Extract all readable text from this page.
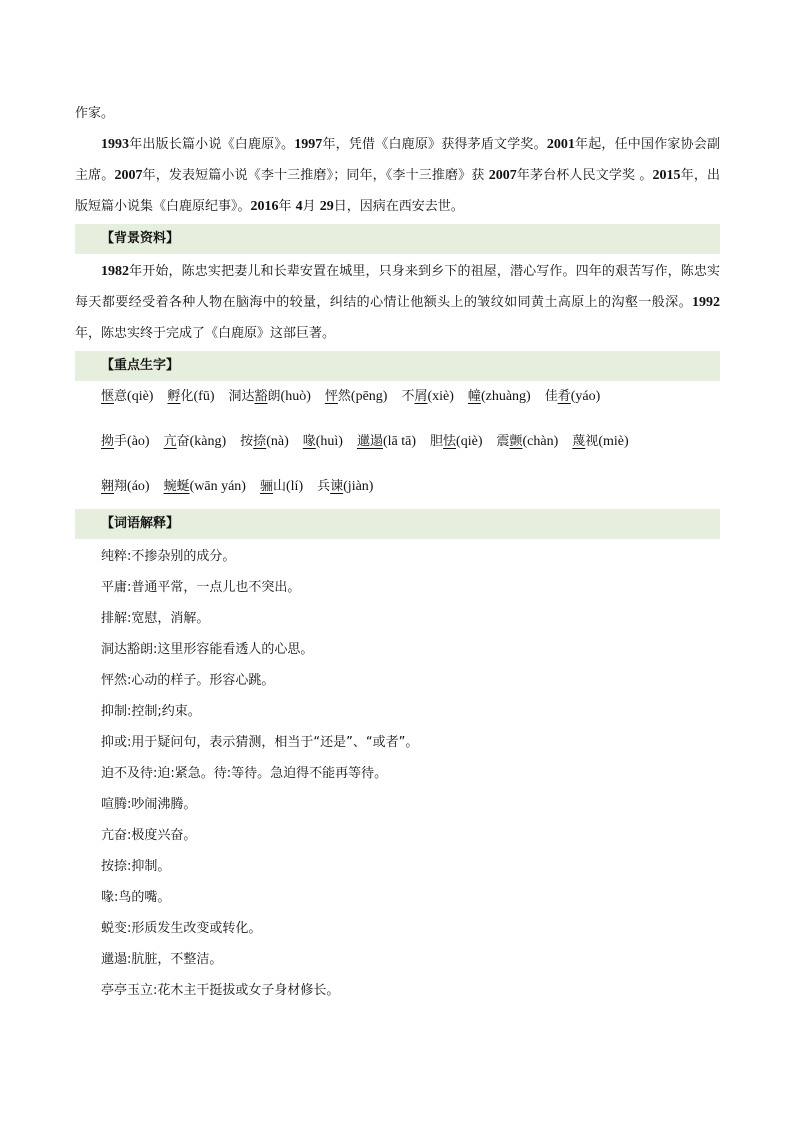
作家。

1993年出版长篇小说《白鹿原》。1997年，凭借《白鹿原》获得茅盾文学奖。2001年起，任中国作家协会副主席。2007年，发表短篇小说《李十三推磨》；同年，《李十三推磨》获 2007年茅台杯人民文学奖 。2015年，出版短篇小说集《白鹿原纪事》。2016年 4月 29日，因病在西安去世。

【背景资料】

1982年开始，陈忠实把妻儿和长辈安置在城里，只身来到乡下的祖屋，潜心写作。四年的艰苦写作，陈忠实每天都要经受着各种人物在脑海中的较量，纠结的心情让他额头上的皱纹如同黄土高原上的沟壑一般深。1992年，陈忠实终于完成了《白鹿原》这部巨著。

【重点生字】
惬意(qiè) 孵化(fū) 洞达豁朗(huò) 怦然(pēng) 不屑(xiè) 幢(zhuàng) 佳肴(yáo)
拗手(ào) 亢奋(kàng) 按捺(nà) 喙(huì) 邋遢(lā tā) 胆怯(qiè) 震颤(chàn) 蔑视(miè)
翱翔(áo) 蜿蜒(wān yán) 骊山(lí) 兵谏(jiàn)
【词语解释】
纯粹:不掺杂别的成分。
平庸:普通平常，一点儿也不突出。
排解:宽慰，消解。
洞达豁朗:这里形容能看透人的心思。
怦然:心动的样子。形容心跳。
抑制:控制;约束。
抑或:用于疑问句，表示猜测，相当于“还是”、“或者”。
迫不及待:迫:紧急。待:等待。急迫得不能再等待。
喧腾:吵闹沸腾。
亢奋:极度兴奋。
按捺:抑制。
喙:鸟的嘴。
蜕变:形质发生改变或转化。
邋遢:肮脏，不整洁。
亭亭玉立:花木主干挺拔或女子身材修长。
